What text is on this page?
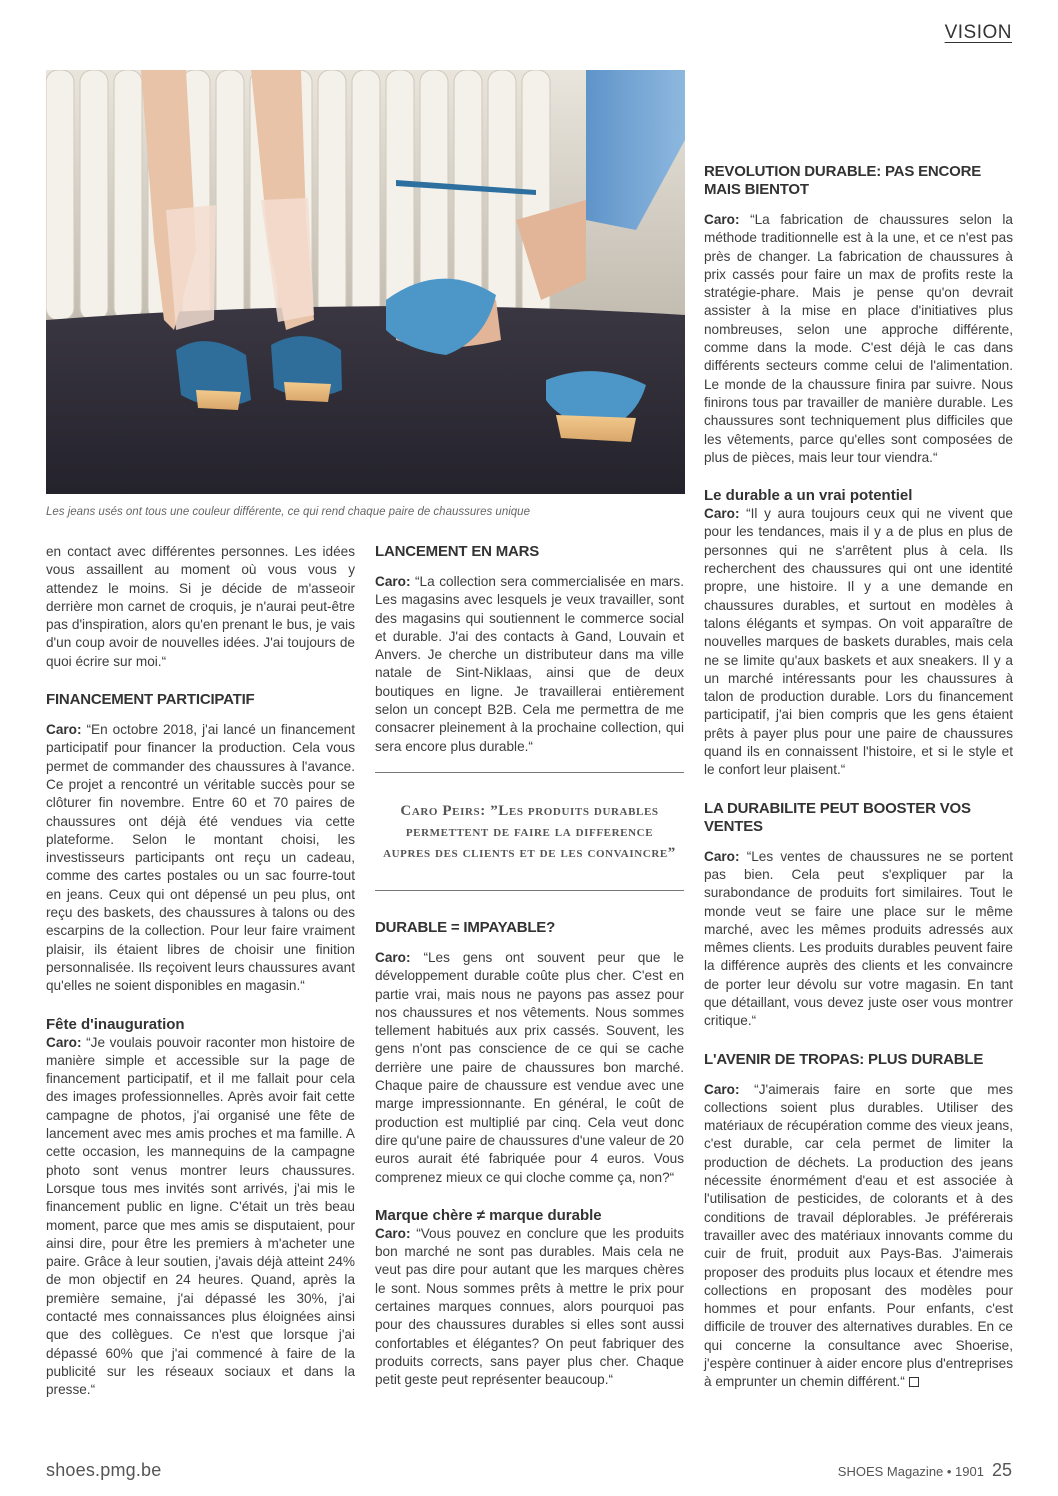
VISION
Les jeans usés ont tous une couleur différente, ce qui rend chaque paire de chaussures unique

en contact avec différentes personnes. Les idées vous assaillent au moment où vous vous y attendez le moins. Si je décide de m'asseoir derrière mon carnet de croquis, je n'aurai peut-être pas d'inspiration, alors qu'en prenant le bus, je vais d'un coup avoir de nouvelles idées. J'ai toujours de quoi écrire sur moi.“

FINANCEMENT PARTICIPATIF

Caro: “En octobre 2018, j'ai lancé un financement participatif pour financer la production. Cela vous permet de commander des chaussures à l'avance. Ce projet a rencontré un véritable succès pour se clôturer fin novembre. Entre 60 et 70 paires de chaussures ont déjà été vendues via cette plateforme. Selon le montant choisi, les investisseurs participants ont reçu un cadeau, comme des cartes postales ou un sac fourre-tout en jeans. Ceux qui ont dépensé un peu plus, ont reçu des baskets, des chaussures à talons ou des escarpins de la collection. Pour leur faire vraiment plaisir, ils étaient libres de choisir une finition personnalisée. Ils reçoivent leurs chaussures avant qu'elles ne soient disponibles en magasin.“

Fête d'inauguration

Caro: “Je voulais pouvoir raconter mon histoire de manière simple et accessible sur la page de financement participatif, et il me fallait pour cela des images professionnelles. Après avoir fait cette campagne de photos, j'ai organisé une fête de lancement avec mes amis proches et ma famille. A cette occasion, les mannequins de la campagne photo sont venus montrer leurs chaussures. Lorsque tous mes invités sont arrivés, j'ai mis le financement public en ligne. C'était un très beau moment, parce que mes amis se disputaient, pour ainsi dire, pour être les premiers à m'acheter une paire. Grâce à leur soutien, j'avais déjà atteint 24% de mon objectif en 24 heures. Quand, après la première semaine, j'ai dépassé les 30%, j'ai contacté mes connaissances plus éloignées ainsi que des collègues. Ce n'est que lorsque j'ai dépassé 60% que j'ai commencé à faire de la publicité sur les réseaux sociaux et dans la presse.“

LANCEMENT EN MARS

Caro: “La collection sera commercialisée en mars. Les magasins avec lesquels je veux travailler, sont des magasins qui soutiennent le commerce social et durable. J'ai des contacts à Gand, Louvain et Anvers. Je cherche un distributeur dans ma ville natale de Sint-Niklaas, ainsi que de deux boutiques en ligne. Je travaillerai entièrement selon un concept B2B. Cela me permettra de me consacrer pleinement à la prochaine collection, qui sera encore plus durable.“

Caro Peirs: ”Les produits durables permettent de faire la difference aupres des clients et de les convaincre”
DURABLE = IMPAYABLE?

Caro: “Les gens ont souvent peur que le développement durable coûte plus cher. C'est en partie vrai, mais nous ne payons pas assez pour nos chaussures et nos vêtements. Nous sommes tellement habitués aux prix cassés. Souvent, les gens n'ont pas conscience de ce qui se cache derrière une paire de chaussures bon marché. Chaque paire de chaussure est vendue avec une marge impressionnante. En général, le coût de production est multiplié par cinq. Cela veut donc dire qu'une paire de chaussures d'une valeur de 20 euros aurait été fabriquée pour 4 euros. Vous comprenez mieux ce qui cloche comme ça, non?“

Marque chère ≠ marque durable

Caro: “Vous pouvez en conclure que les produits bon marché ne sont pas durables. Mais cela ne veut pas dire pour autant que les marques chères le sont. Nous sommes prêts à mettre le prix pour certaines marques connues, alors pourquoi pas pour des chaussures durables si elles sont aussi confortables et élégantes? On peut fabriquer des produits corrects, sans payer plus cher. Chaque petit geste peut représenter beaucoup.“

REVOLUTION DURABLE: PAS ENCORE MAIS BIENTOT

Caro: “La fabrication de chaussures selon la méthode traditionnelle est à la une, et ce n'est pas près de changer. La fabrication de chaussures à prix cassés pour faire un max de profits reste la stratégie-phare. Mais je pense qu'on devrait assister à la mise en place d'initiatives plus nombreuses, selon une approche différente, comme dans la mode. C'est déjà le cas dans différents secteurs comme celui de l'alimentation. Le monde de la chaussure finira par suivre. Nous finirons tous par travailler de manière durable. Les chaussures sont techniquement plus difficiles que les vêtements, parce qu'elles sont composées de plus de pièces, mais leur tour viendra.“

Le durable a un vrai potentiel

Caro: “Il y aura toujours ceux qui ne vivent que pour les tendances, mais il y a de plus en plus de personnes qui ne s'arrêtent plus à cela. Ils recherchent des chaussures qui ont une identité propre, une histoire. Il y a une demande en chaussures durables, et surtout en modèles à talons élégants et sympas. On voit apparaître de nouvelles marques de baskets durables, mais cela ne se limite qu'aux baskets et aux sneakers. Il y a un marché intéressants pour les chaussures à talon de production durable. Lors du financement participatif, j'ai bien compris que les gens étaient prêts à payer plus pour une paire de chaussures quand ils en connaissent l'histoire, et si le style et le confort leur plaisent.“

LA DURABILITE PEUT BOOSTER VOS VENTES

Caro: “Les ventes de chaussures ne se portent pas bien. Cela peut s'expliquer par la surabondance de produits fort similaires. Tout le monde veut se faire une place sur le même marché, avec les mêmes produits adressés aux mêmes clients. Les produits durables peuvent faire la différence auprès des clients et les convaincre de porter leur dévolu sur votre magasin. En tant que détaillant, vous devez juste oser vous montrer critique.“

L'AVENIR DE TROPAS: PLUS DURABLE

Caro: “J'aimerais faire en sorte que mes collections soient plus durables. Utiliser des matériaux de récupération comme des vieux jeans, c'est durable, car cela permet de limiter la production de déchets. La production des jeans nécessite énormément d'eau et est associée à l'utilisation de pesticides, de colorants et à des conditions de travail déplorables. Je préférerais travailler avec des matériaux innovants comme du cuir de fruit, produit aux Pays-Bas. J'aimerais proposer des produits plus locaux et étendre mes collections en proposant des modèles pour hommes et pour enfants. Pour enfants, c'est difficile de trouver des alternatives durables. En ce qui concerne la consultance avec Shoerise, j'espère continuer à aider encore plus d'entreprises à emprunter un chemin différent.“

shoes.pmg.be	SHOES Magazine • 1901 25
